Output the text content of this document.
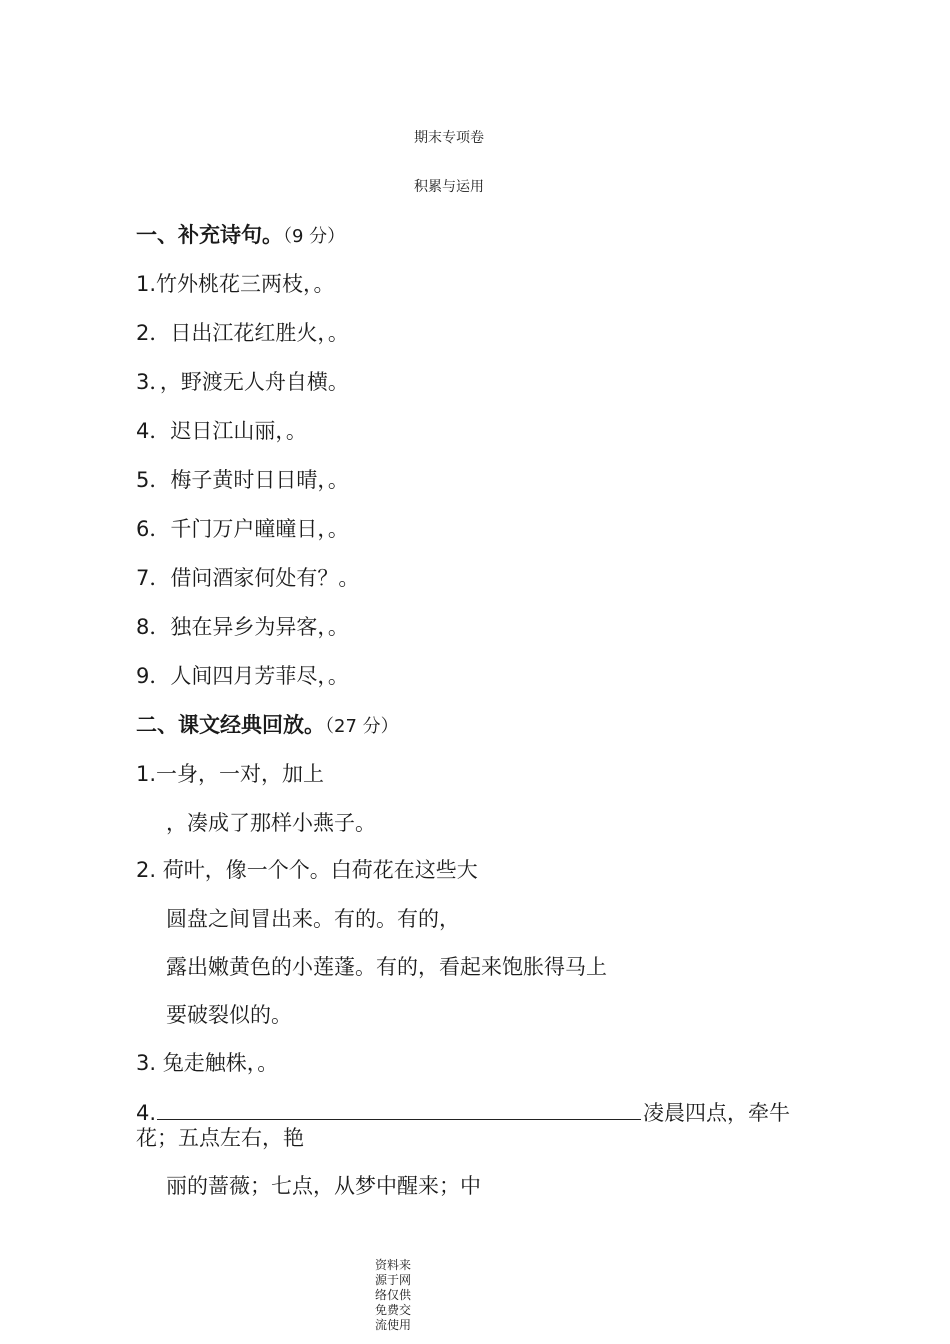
期末专项卷
积累与运用
一、补充诗句。（9 分）
1.竹外桃花三两枝，。
2．日出江花红胜火，。
3．，野渡无人舟自横。
4．迟日江山丽，。
5．梅子黄时日日晴，。
6．千门万户曈曈日，。
7．借问酒家何处有？。
8．独在异乡为异客，。
9．人间四月芳菲尽，。
二、课文经典回放。（27 分）
1.一身，一对，加上
，凑成了那样小燕子。
2. 荷叶，像一个个。白荷花在这些大
圆盘之间冒出来。有的。有的，
露出嫩黄色的小莲蓬。有的，看起来饱胀得马上
要破裂似的。
3. 兔走触株，。
4.	凌晨四点，牵牛
花；五点左右，艳
丽的蔷薇；七点，从梦中醒来；中
资料来源于网络仅供免费交流使用
